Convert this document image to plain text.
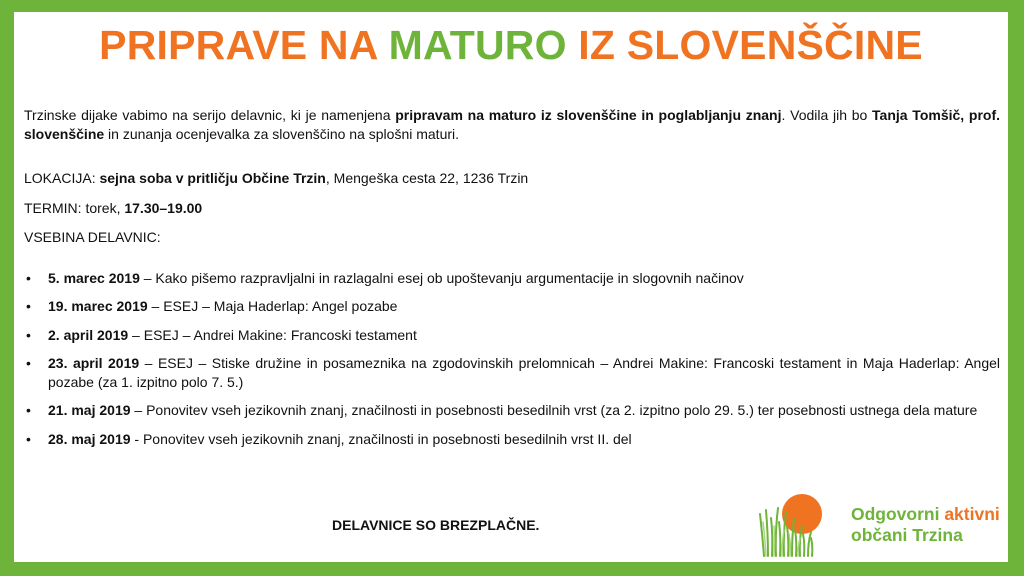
PRIPRAVE NA MATURO IZ SLOVENŠČINE

Trzinske dijake vabimo na serijo delavnic, ki je namenjena pripravam na maturo iz slovenščine in poglabljanju znanj. Vodila jih bo Tanja Tomšič, prof. slovenščine in zunanja ocenjevalka za slovenščino na splošni maturi.

LOKACIJA: sejna soba v pritličju Občine Trzin, Mengeška cesta 22, 1236 Trzin

TERMIN: torek, 17.30–19.00

VSEBINA DELAVNIC:

• 5. marec 2019 – Kako pišemo razpravljalni in razlagalni esej ob upoštevanju argumentacije in slogovnih načinov
• 19. marec 2019 – ESEJ – Maja Haderlap: Angel pozabe
• 2. april 2019 – ESEJ – Andrei Makine: Francoski testament
• 23. april 2019 – ESEJ – Stiske družine in posameznika na zgodovinskih prelomnicah – Andrei Makine: Francoski testament in Maja Haderlap: Angel pozabe (za 1. izpitno polo 7. 5.)
• 21. maj 2019 – Ponovitev vseh jezikovnih znanj, značilnosti in posebnosti besedilnih vrst (za 2. izpitno polo 29. 5.) ter posebnosti ustnega dela mature
• 28. maj 2019 - Ponovitev vseh jezikovnih znanj, značilnosti in posebnosti besedilnih vrst II. del
DELAVNICE SO BREZPLAČNE.
Odgovorni aktivni
občani Trzina
